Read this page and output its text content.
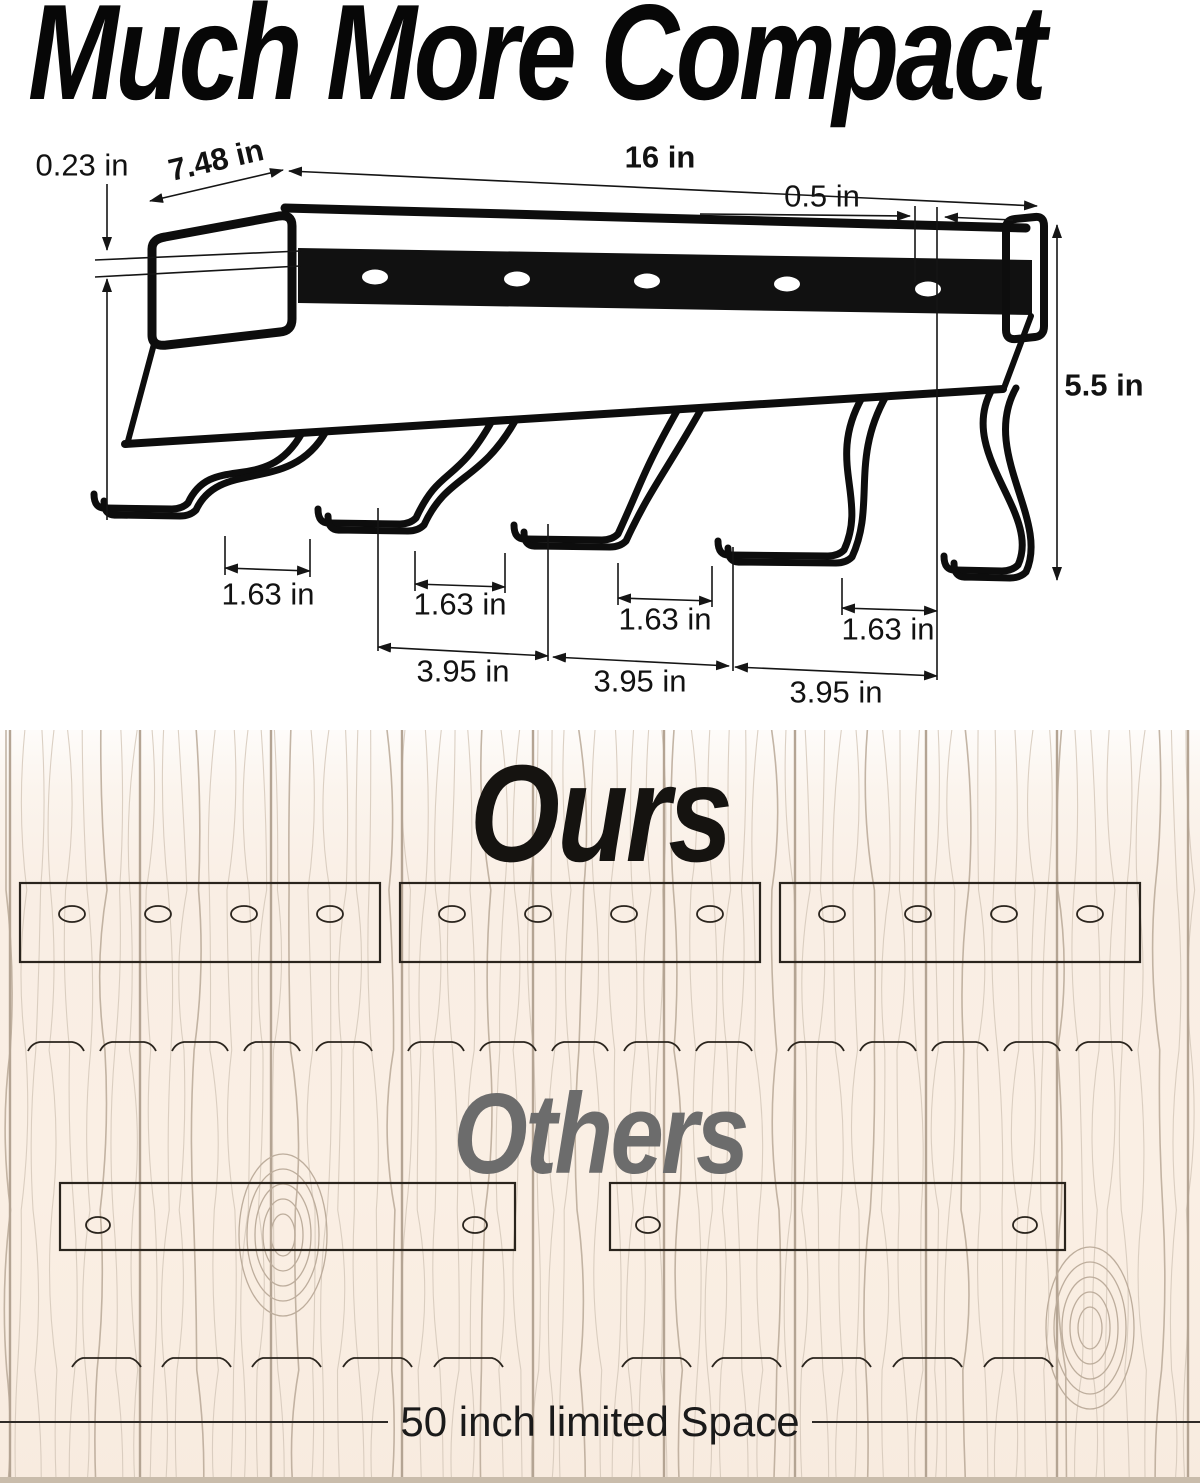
Much More Compact
0.23 in 7.48 in	16 in
0.5 in
5.5 in
1.63 in	1.63 in	1.63 in	1.63 in
3.95 in	3.95 in	3.95 in
Ours
Others
50 inch limited Space
